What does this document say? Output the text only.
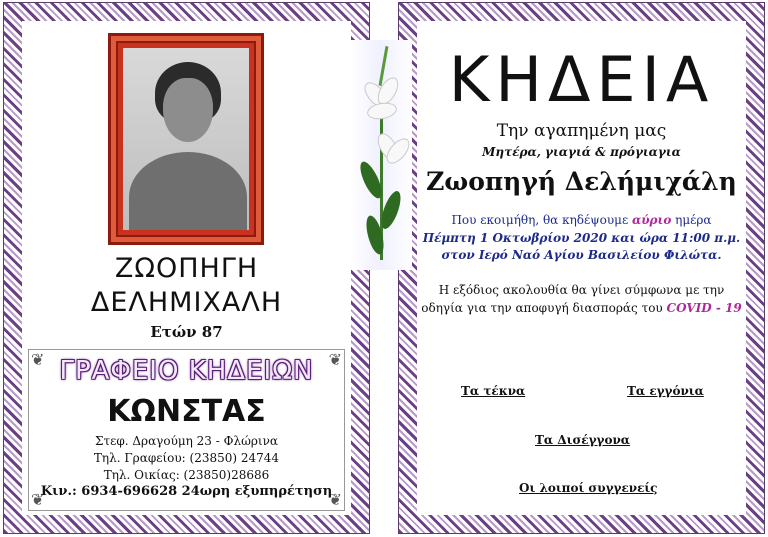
ΖΩΟΠΗΓΗ
ΔΕΛΗΜΙΧΑΛΗ
Ετών 87
❦	❦
❦	❦
ΓΡΑΦΕΙΟ ΚΗΔΕΙΩΝ
ΚΩΝΣΤΑΣ
Στεφ. Δραγούμη 23 - Φλώρινα
Τηλ. Γραφείου: (23850) 24744
Τηλ. Οικίας: (23850)28686
Κιν.: 6934-696628 24ωρη εξυπηρέτηση
ΚΗΔΕΙΑ
Την αγαπημένη μας
Μητέρα, γιαγιά & πρόγιαγια
Ζωοπηγή Δελήμιχάλη
Που εκοιμήθη, θα κηδέψουμε αύριο ημέρα
Πέμπτη 1 Οκτωβρίου 2020 και ώρα 11:00 π.μ.
στον Ιερό Ναό Αγίου Βασιλείου Φιλώτα.
Η εξόδιος ακολουθία θα γίνει σύμφωνα με την
οδηγία για την αποφυγή διασποράς του COVID - 19
Τα τέκνα	Τα εγγόνια
Τα Δισέγγονα
Οι λοιποί συγγενείς
